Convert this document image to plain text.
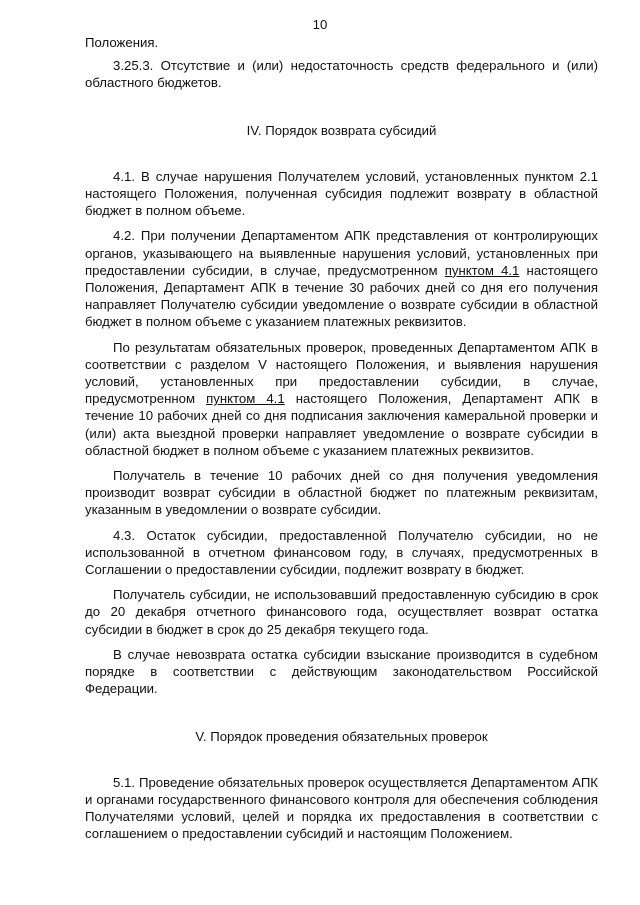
10

Положения.

3.25.3. Отсутствие и (или) недостаточность средств федерального и (или) областного бюджетов.

IV. Порядок возврата субсидий

4.1. В случае нарушения Получателем условий, установленных пунктом 2.1 настоящего Положения, полученная субсидия подлежит возврату в областной бюджет в полном объеме.

4.2. При получении Департаментом АПК представления от контролирующих органов, указывающего на выявленные нарушения условий, установленных при предоставлении субсидии, в случае, предусмотренном пунктом 4.1 настоящего Положения, Департамент АПК в течение 30 рабочих дней со дня его получения направляет Получателю субсидии уведомление о возврате субсидии в областной бюджет в полном объеме с указанием платежных реквизитов.

По результатам обязательных проверок, проведенных Департаментом АПК в соответствии с разделом V настоящего Положения, и выявления нарушения условий, установленных при предоставлении субсидии, в случае, предусмотренном пунктом 4.1 настоящего Положения, Департамент АПК в течение 10 рабочих дней со дня подписания заключения камеральной проверки и (или) акта выездной проверки направляет уведомление о возврате субсидии в областной бюджет в полном объеме с указанием платежных реквизитов.

Получатель в течение 10 рабочих дней со дня получения уведомления производит возврат субсидии в областной бюджет по платежным реквизитам, указанным в уведомлении о возврате субсидии.

4.3. Остаток субсидии, предоставленной Получателю субсидии, но не использованной в отчетном финансовом году, в случаях, предусмотренных в Соглашении о предоставлении субсидии, подлежит возврату в бюджет.

Получатель субсидии, не использовавший предоставленную субсидию в срок до 20 декабря отчетного финансового года, осуществляет возврат остатка субсидии в бюджет в срок до 25 декабря текущего года.

В случае невозврата остатка субсидии взыскание производится в судебном порядке в соответствии с действующим законодательством Российской Федерации.

V. Порядок проведения обязательных проверок

5.1. Проведение обязательных проверок осуществляется Департаментом АПК и органами государственного финансового контроля для обеспечения соблюдения Получателями условий, целей и порядка их предоставления в соответствии с соглашением о предоставлении субсидий и настоящим Положением.
